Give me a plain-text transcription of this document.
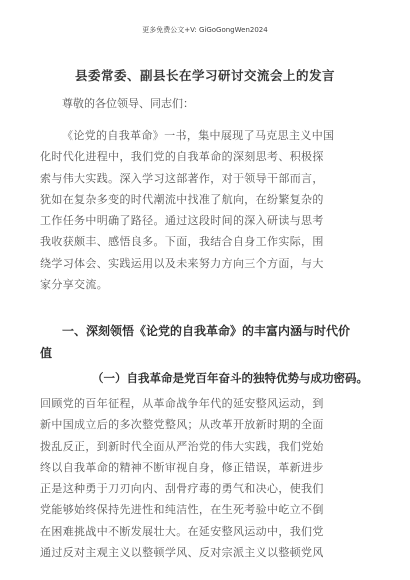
更多免费公文+V: GiGoGongWen2024
县委常委、副县长在学习研讨交流会上的发言
尊敬的各位领导、同志们：
《论党的自我革命》一书，集中展现了马克思主义中国
化时代化进程中，我们党的自我革命的深刻思考、积极探
索与伟大实践。深入学习这部著作，对于领导干部而言，
犹如在复杂多变的时代潮流中找准了航向，在纷繁复杂的
工作任务中明确了路径。通过这段时间的深入研读与思考
我收获颇丰、感悟良多。下面，我结合自身工作实际，围
绕学习体会、实践运用以及未来努力方向三个方面，与大
家分享交流。
一、深刻领悟《论党的自我革命》的丰富内涵与时代价
值
（一）自我革命是党百年奋斗的独特优势与成功密码。
回顾党的百年征程，从革命战争年代的延安整风运动，到
新中国成立后的多次整党整风；从改革开放新时期的全面
拨乱反正，到新时代全面从严治党的伟大实践，我们党始
终以自我革命的精神不断审视自身，修正错误，革新进步
正是这种勇于刀刃向内、刮骨疗毒的勇气和决心，使我们
党能够始终保持先进性和纯洁性，在生死考验中屹立不倒
在困难挑战中不断发展壮大。在延安整风运动中，我们党
通过反对主观主义以整顿学风、反对宗派主义以整顿党风
